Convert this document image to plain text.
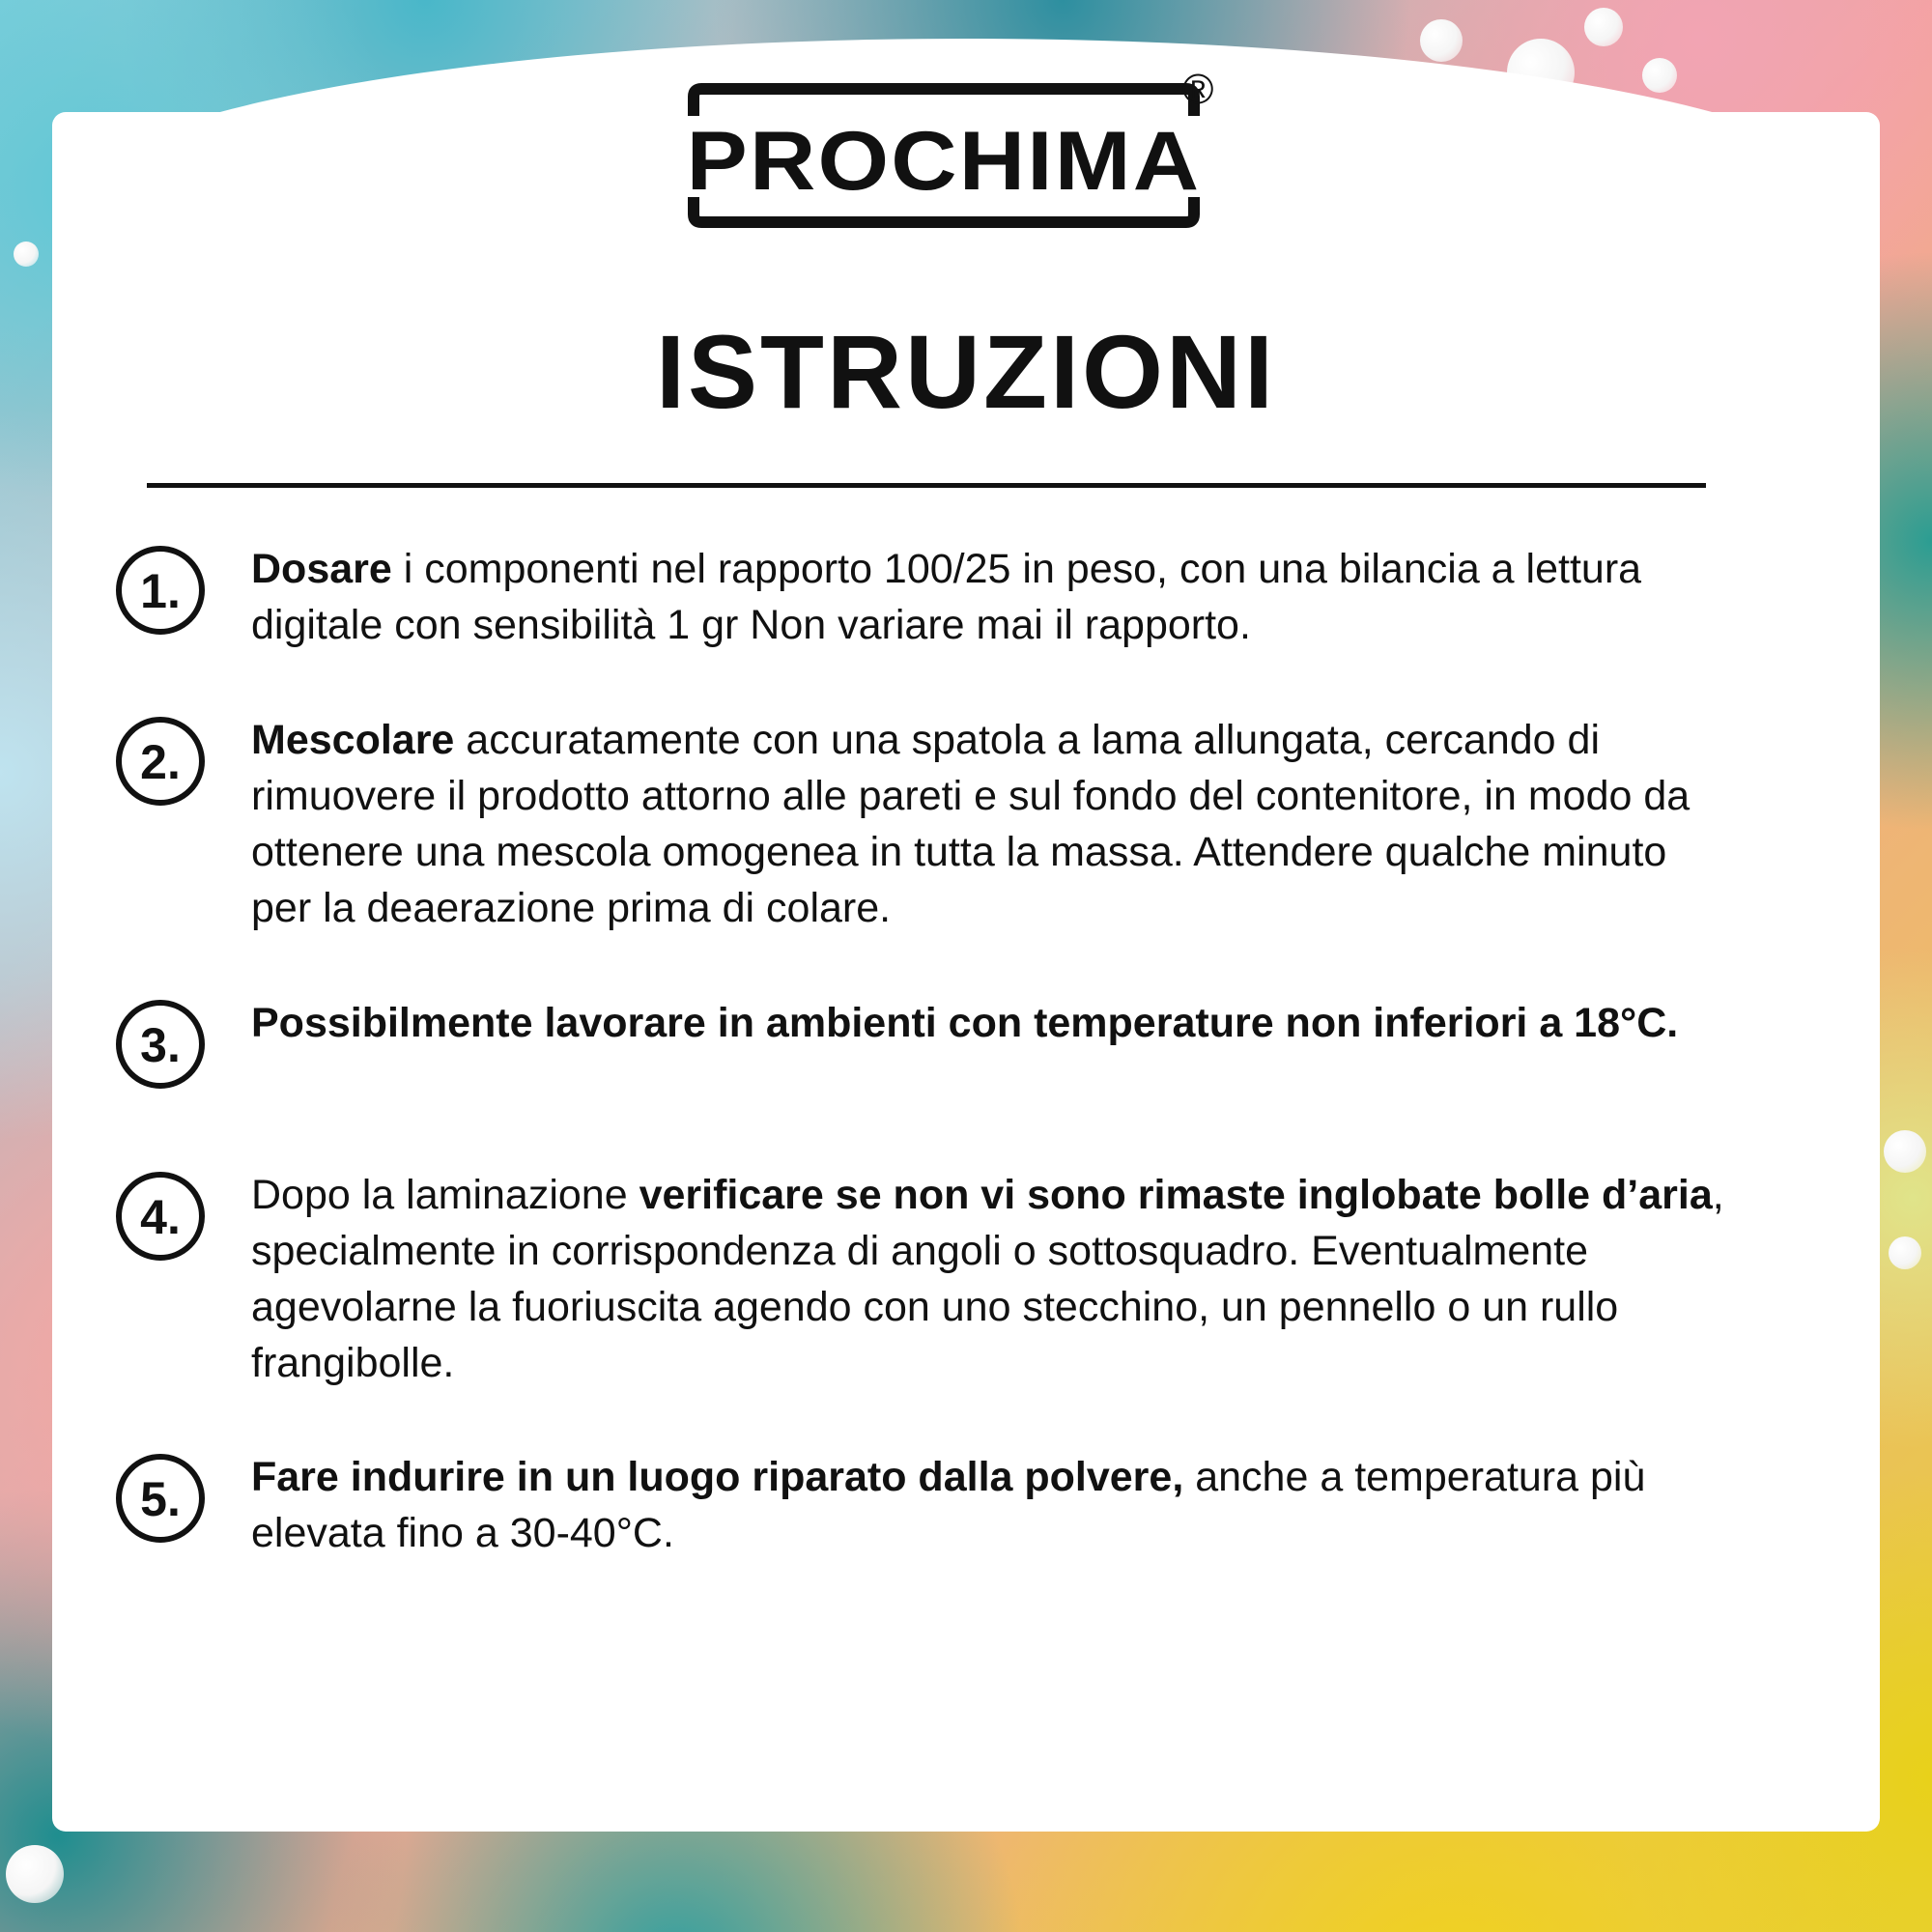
PROCHIMA
®
ISTRUZIONI
1.	Dosare i componenti nel rapporto 100/25 in peso, con una bilancia a lettura digitale con sensibilità 1 gr Non variare mai il rapporto.
2.	Mescolare accuratamente con una spatola a lama allungata, cercando di rimuovere il prodotto attorno alle pareti e sul fondo del contenitore, in modo da ottenere una mescola omogenea in tutta la massa. Attendere qualche minuto per la deaerazione prima di colare.
3.	Possibilmente lavorare in ambienti con temperature non inferiori a 18°C.
4.	Dopo la laminazione verificare se non vi sono rimaste inglobate bolle d’aria, specialmente in corrispondenza di angoli o sottosquadro. Eventualmente agevolarne la fuoriuscita agendo con uno stecchino, un pennello o un rullo frangibolle.
5.	Fare indurire in un luogo riparato dalla polvere, anche a temperatura più elevata fino a 30-40°C.
